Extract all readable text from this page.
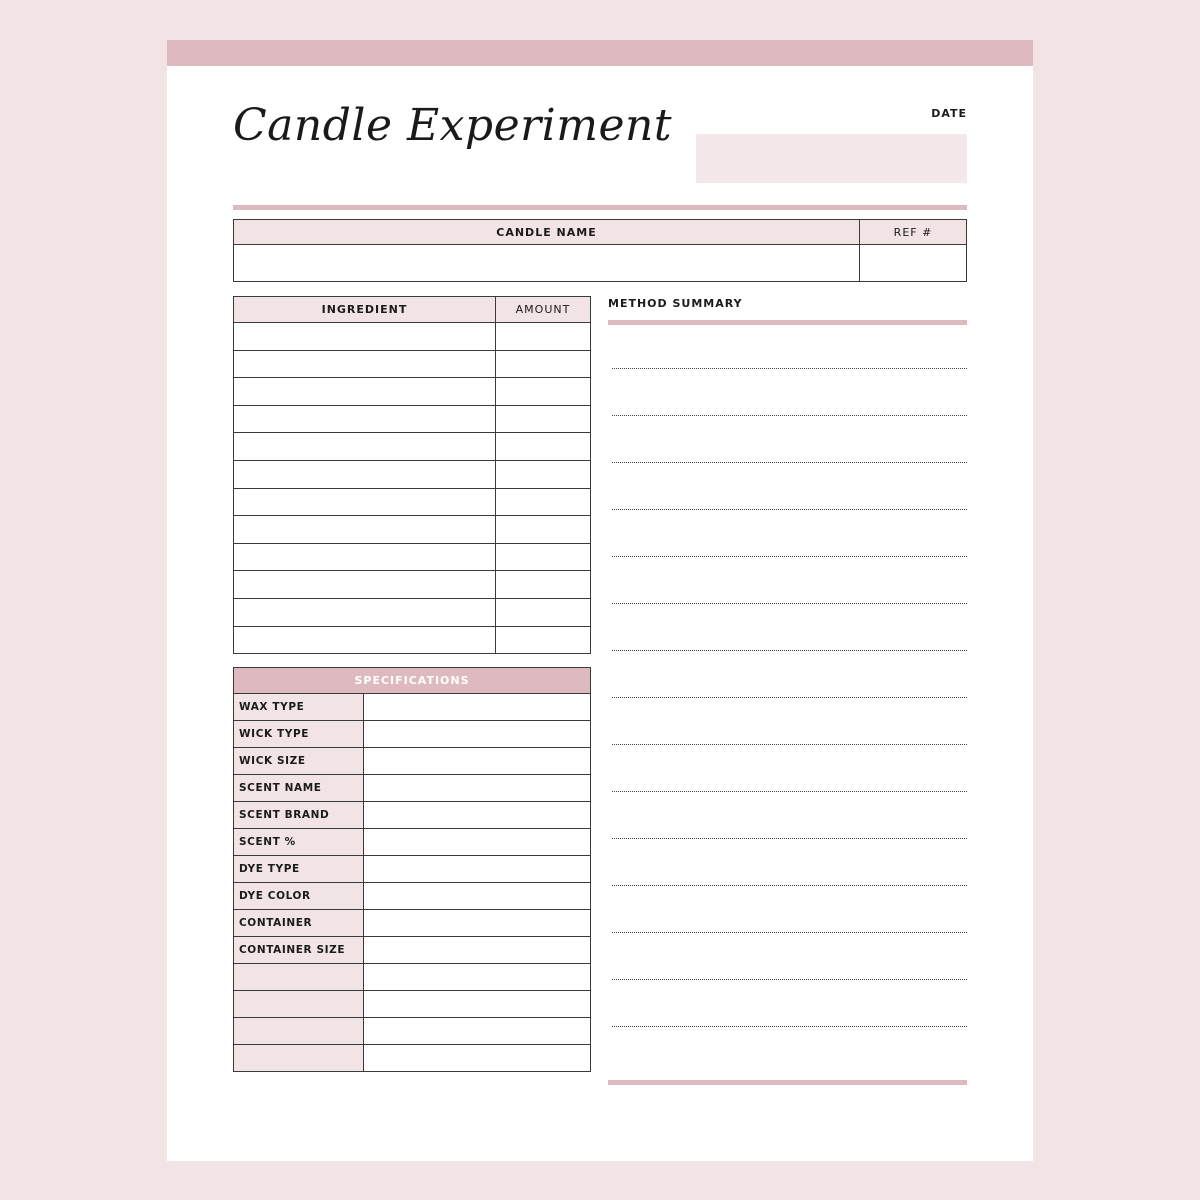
Candle Experiment	DATE
CANDLE NAME	REF #

INGREDIENT	AMOUNT

SPECIFICATIONS	
WAX TYPE	
WICK TYPE	
WICK SIZE	
SCENT NAME	
SCENT BRAND	
SCENT %	
DYE TYPE	
DYE COLOR	
CONTAINER	
CONTAINER SIZE	

METHOD SUMMARY
